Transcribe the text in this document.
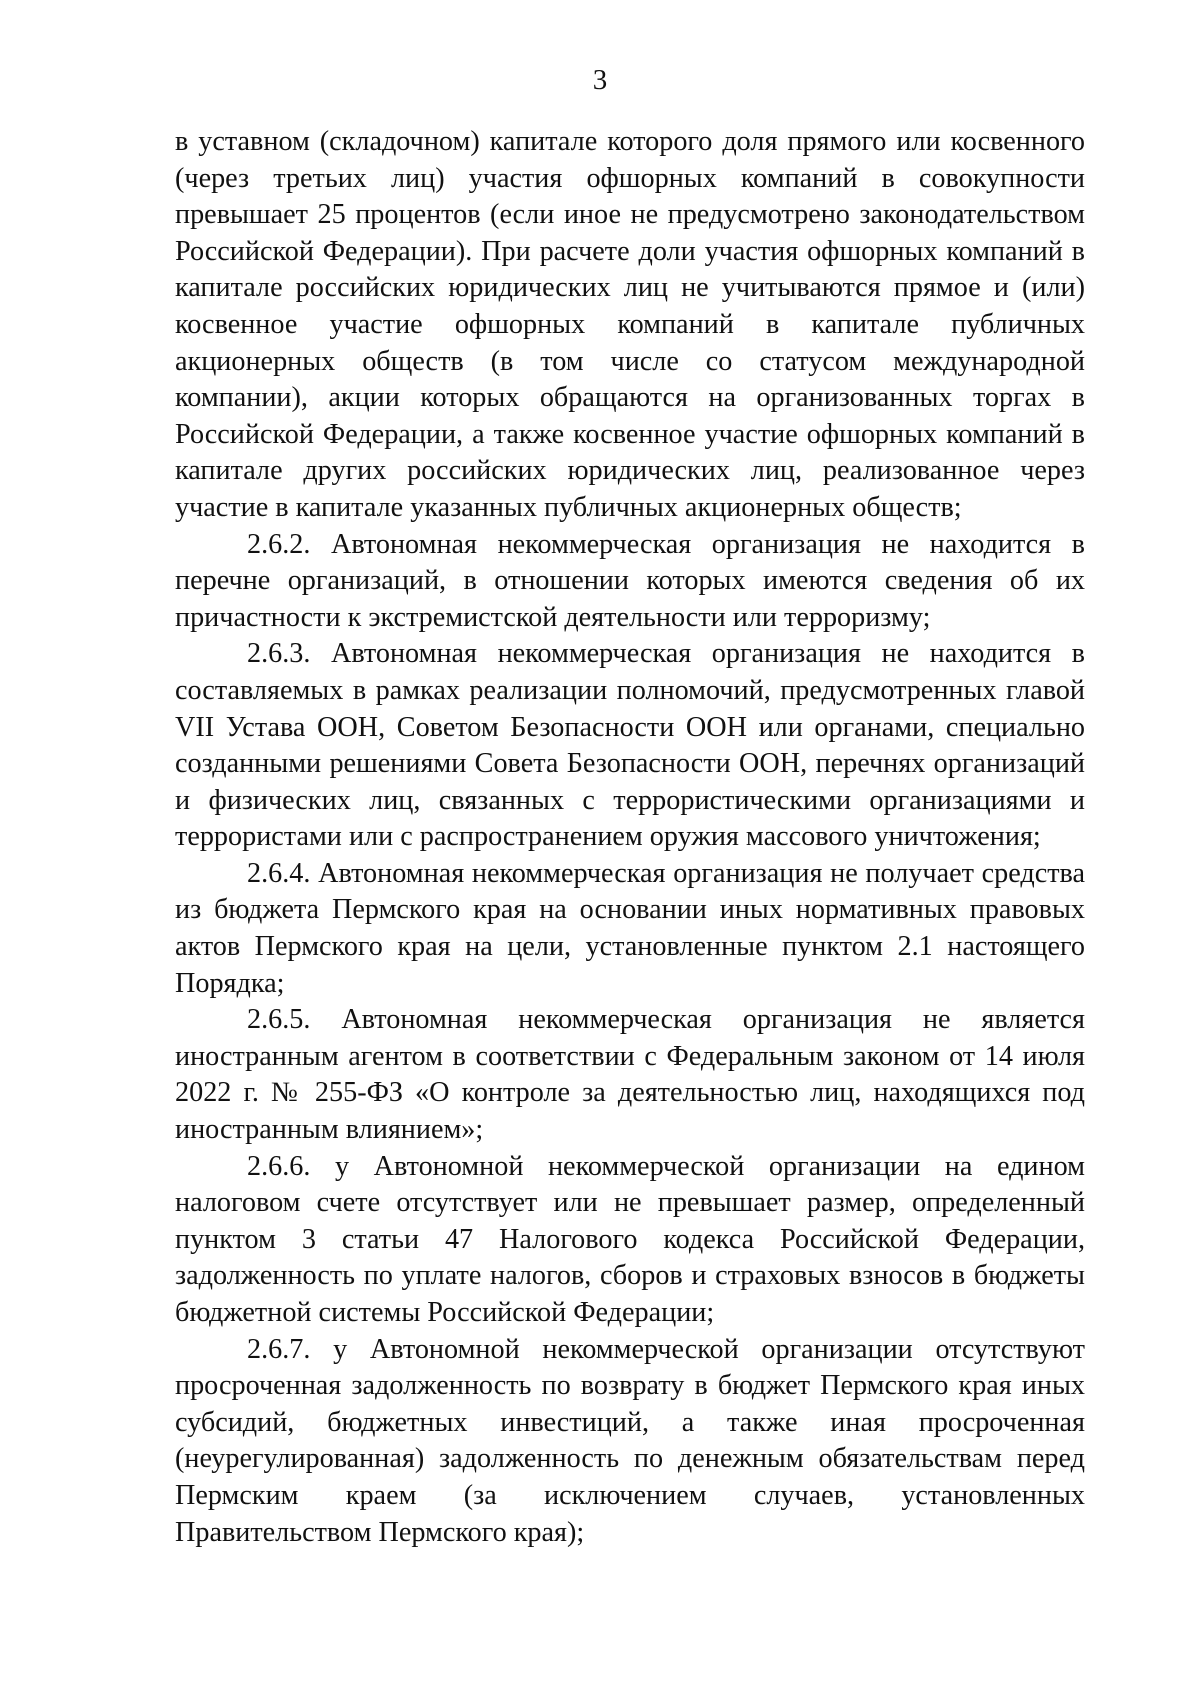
3

в уставном (складочном) капитале которого доля прямого или косвенного (через третьих лиц) участия офшорных компаний в совокупности превышает 25 процентов (если иное не предусмотрено законодательством Российской Федерации). При расчете доли участия офшорных компаний в капитале российских юридических лиц не учитываются прямое и (или) косвенное участие офшорных компаний в капитале публичных акционерных обществ (в том числе со статусом международной компании), акции которых обращаются на организованных торгах в Российской Федерации, а также косвенное участие офшорных компаний в капитале других российских юридических лиц, реализованное через участие в капитале указанных публичных акционерных обществ;

2.6.2. Автономная некоммерческая организация не находится в перечне организаций, в отношении которых имеются сведения об их причастности к экстремистской деятельности или терроризму;

2.6.3. Автономная некоммерческая организация не находится в составляемых в рамках реализации полномочий, предусмотренных главой VII Устава ООН, Советом Безопасности ООН или органами, специально созданными решениями Совета Безопасности ООН, перечнях организаций и физических лиц, связанных с террористическими организациями и террористами или с распространением оружия массового уничтожения;

2.6.4. Автономная некоммерческая организация не получает средства из бюджета Пермского края на основании иных нормативных правовых актов Пермского края на цели, установленные пунктом 2.1 настоящего Порядка;

2.6.5. Автономная некоммерческая организация не является иностранным агентом в соответствии с Федеральным законом от 14 июля 2022 г. № 255-ФЗ «О контроле за деятельностью лиц, находящихся под иностранным влиянием»;

2.6.6. у Автономной некоммерческой организации на едином налоговом счете отсутствует или не превышает размер, определенный пунктом 3 статьи 47 Налогового кодекса Российской Федерации, задолженность по уплате налогов, сборов и страховых взносов в бюджеты бюджетной системы Российской Федерации;

2.6.7. у Автономной некоммерческой организации отсутствуют просроченная задолженность по возврату в бюджет Пермского края иных субсидий, бюджетных инвестиций, а также иная просроченная (неурегулированная) задолженность по денежным обязательствам перед Пермским краем (за исключением случаев, установленных Правительством Пермского края);
